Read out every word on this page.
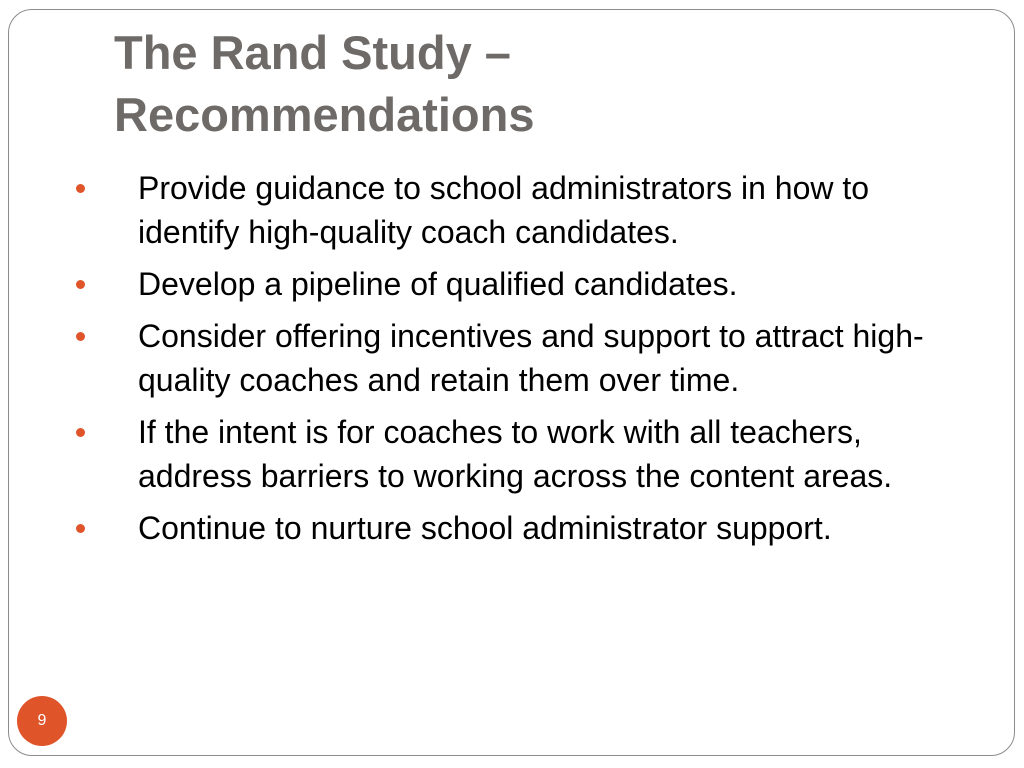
The Rand Study –
Recommendations
Provide guidance to school administrators in how to identify high-quality coach candidates.
Develop a pipeline of qualified candidates.
Consider offering incentives and support to attract high-quality coaches and retain them over time.
If the intent is for coaches to work with all teachers, address barriers to working across the content areas.
Continue to nurture school administrator support.
9
